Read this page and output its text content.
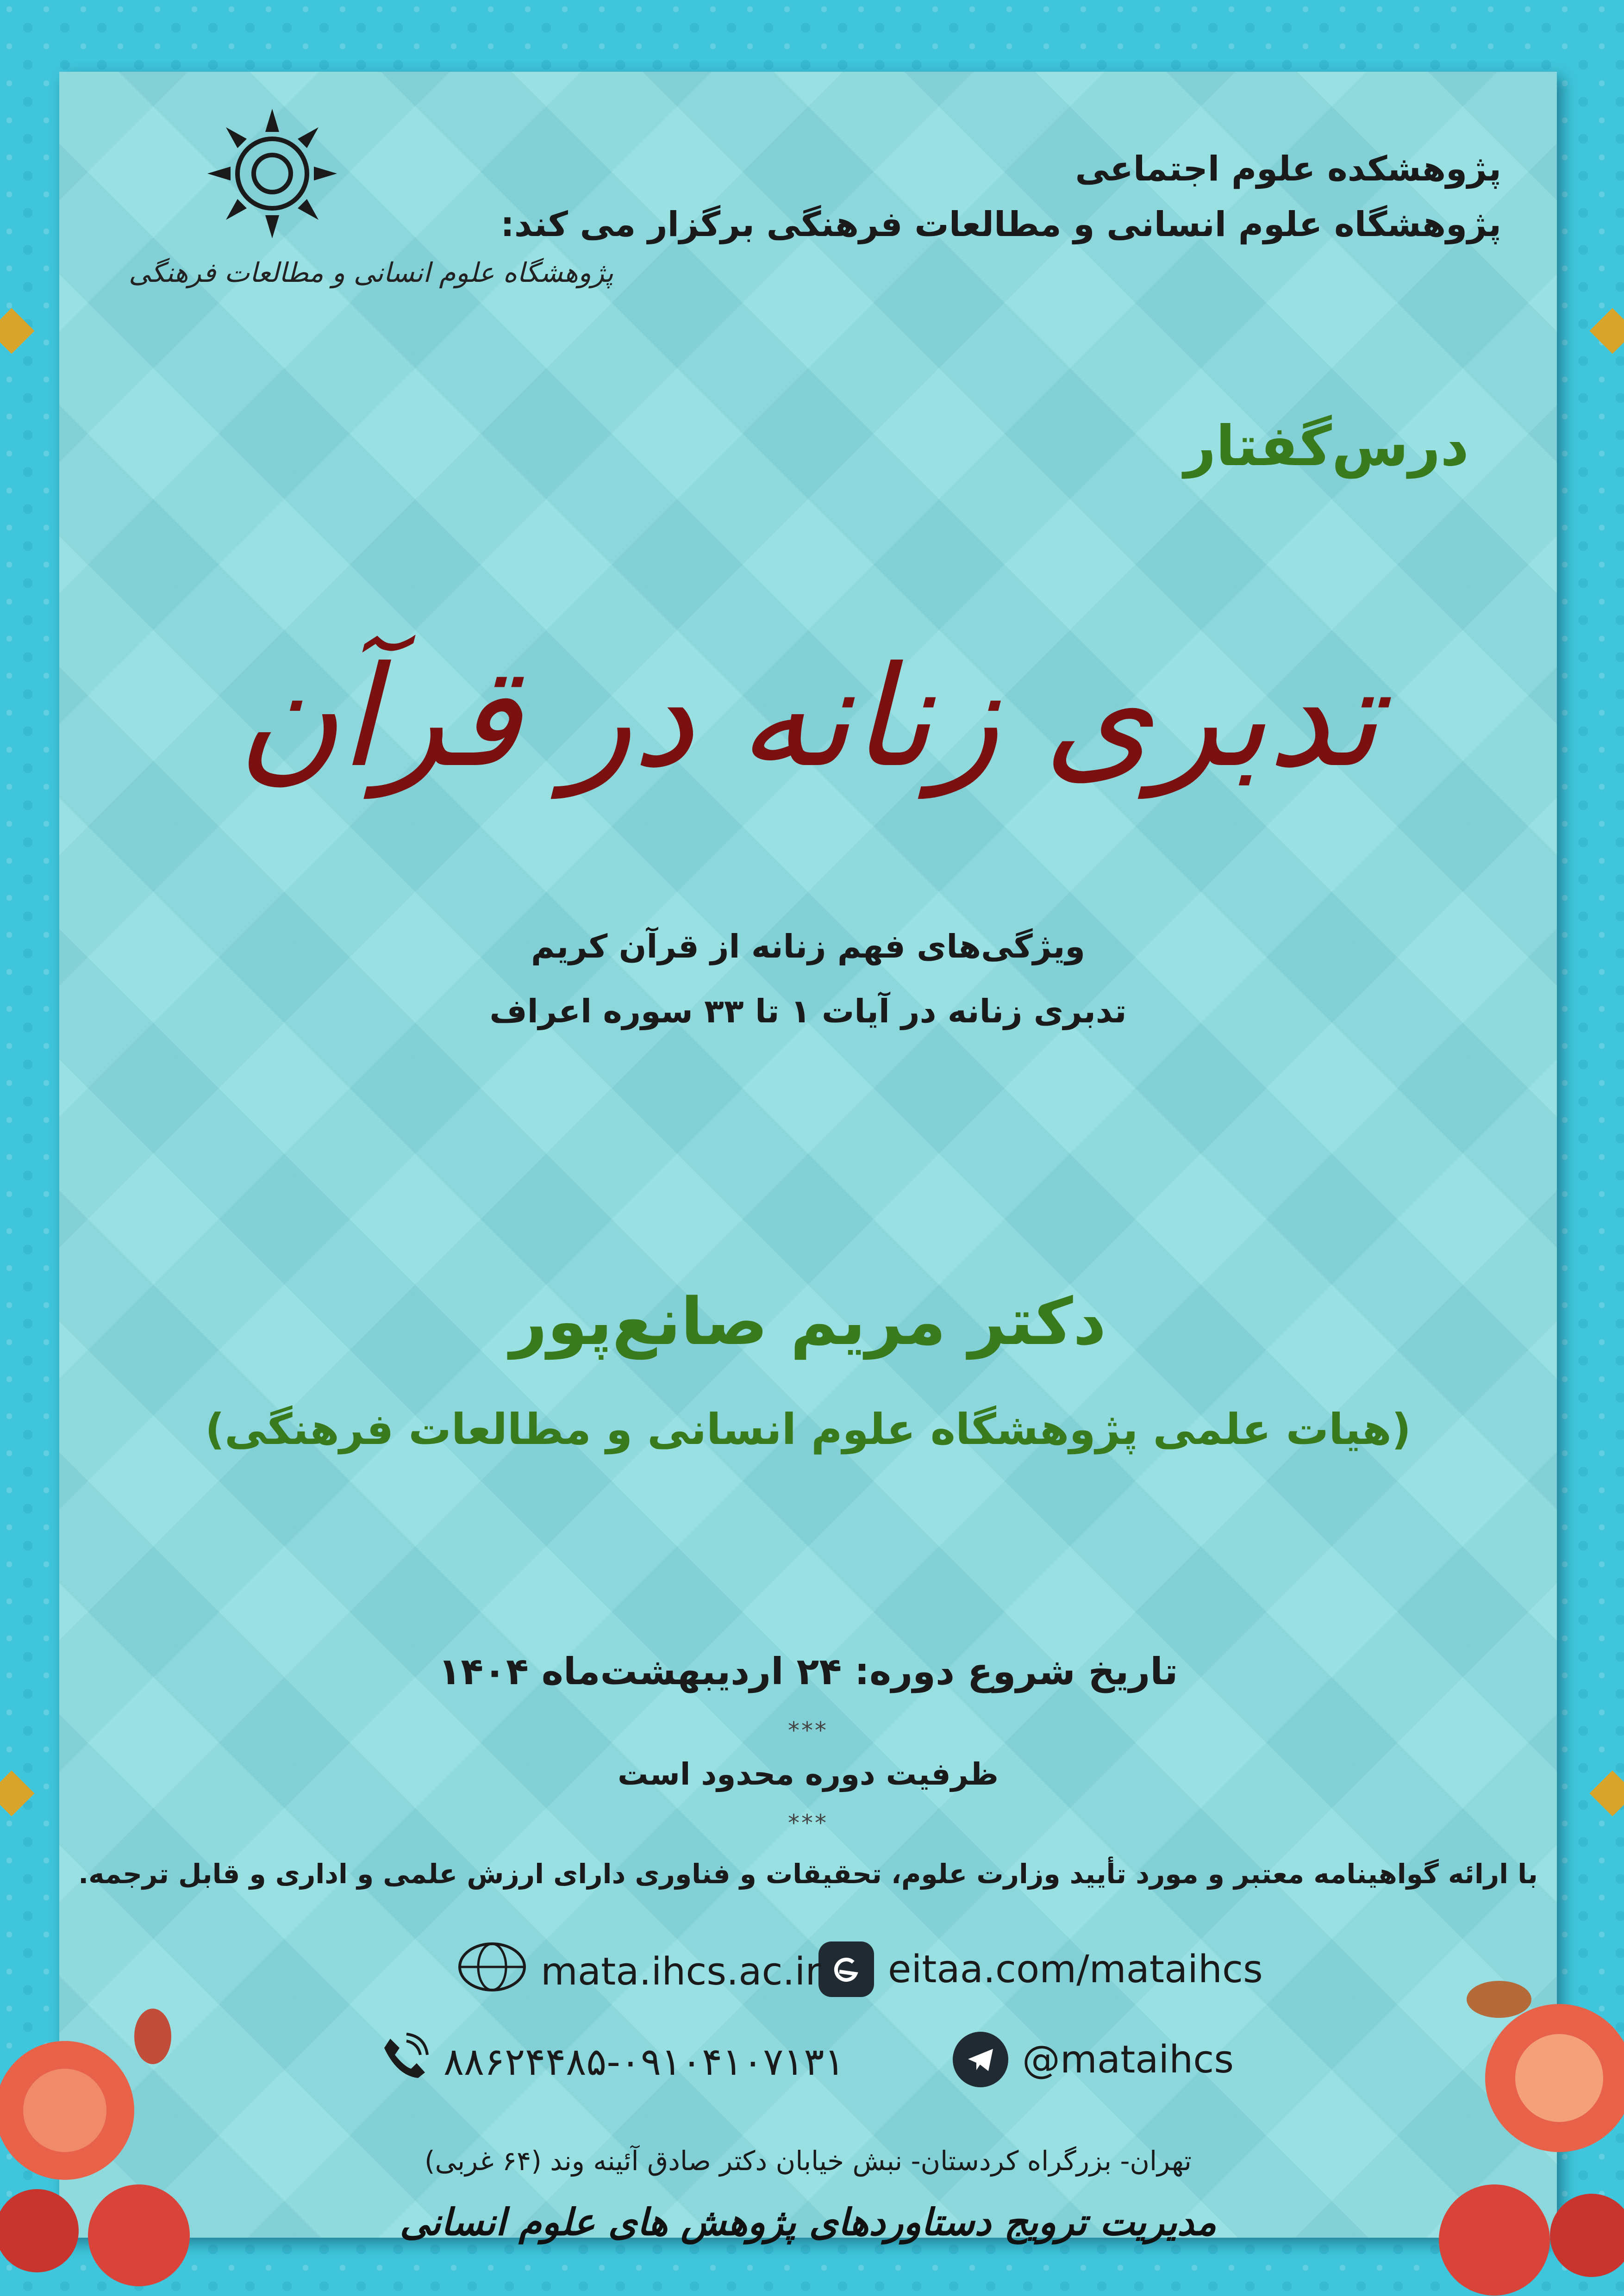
پژوهشگاه علوم انسانی و مطالعات فرهنگی
پژوهشکده علوم اجتماعی
پژوهشگاه علوم انسانی و مطالعات فرهنگی برگزار می کند:
درس‌گفتار
تدبری زنانه در قرآن
ویژگی‌های فهم زنانه از قرآن کریم
تدبری زنانه در آیات ۱ تا ۳۳ سوره اعراف
دکتر مریم صانع‌پور
(هیات علمی پژوهشگاه علوم انسانی و مطالعات فرهنگی)
تاریخ شروع دوره: ۲۴ اردیبهشت‌ماه ۱۴۰۴
***
ظرفیت دوره محدود است
***
با ارائه گواهینامه معتبر و مورد تأیید وزارت علوم، تحقیقات و فناوری دارای ارزش علمی و اداری و قابل ترجمه.
eitaa.com/mataihcs
mata.ihcs.ac.ir
@mataihcs
۸۸۶۲۴۴۸۵-۰۹۱۰۴۱۰۷۱۳۱
تهران- بزرگراه کردستان- نبش خیابان دکتر صادق آئینه وند (۶۴ غربی)
مدیریت ترویج دستاوردهای پژوهش های علوم انسانی
